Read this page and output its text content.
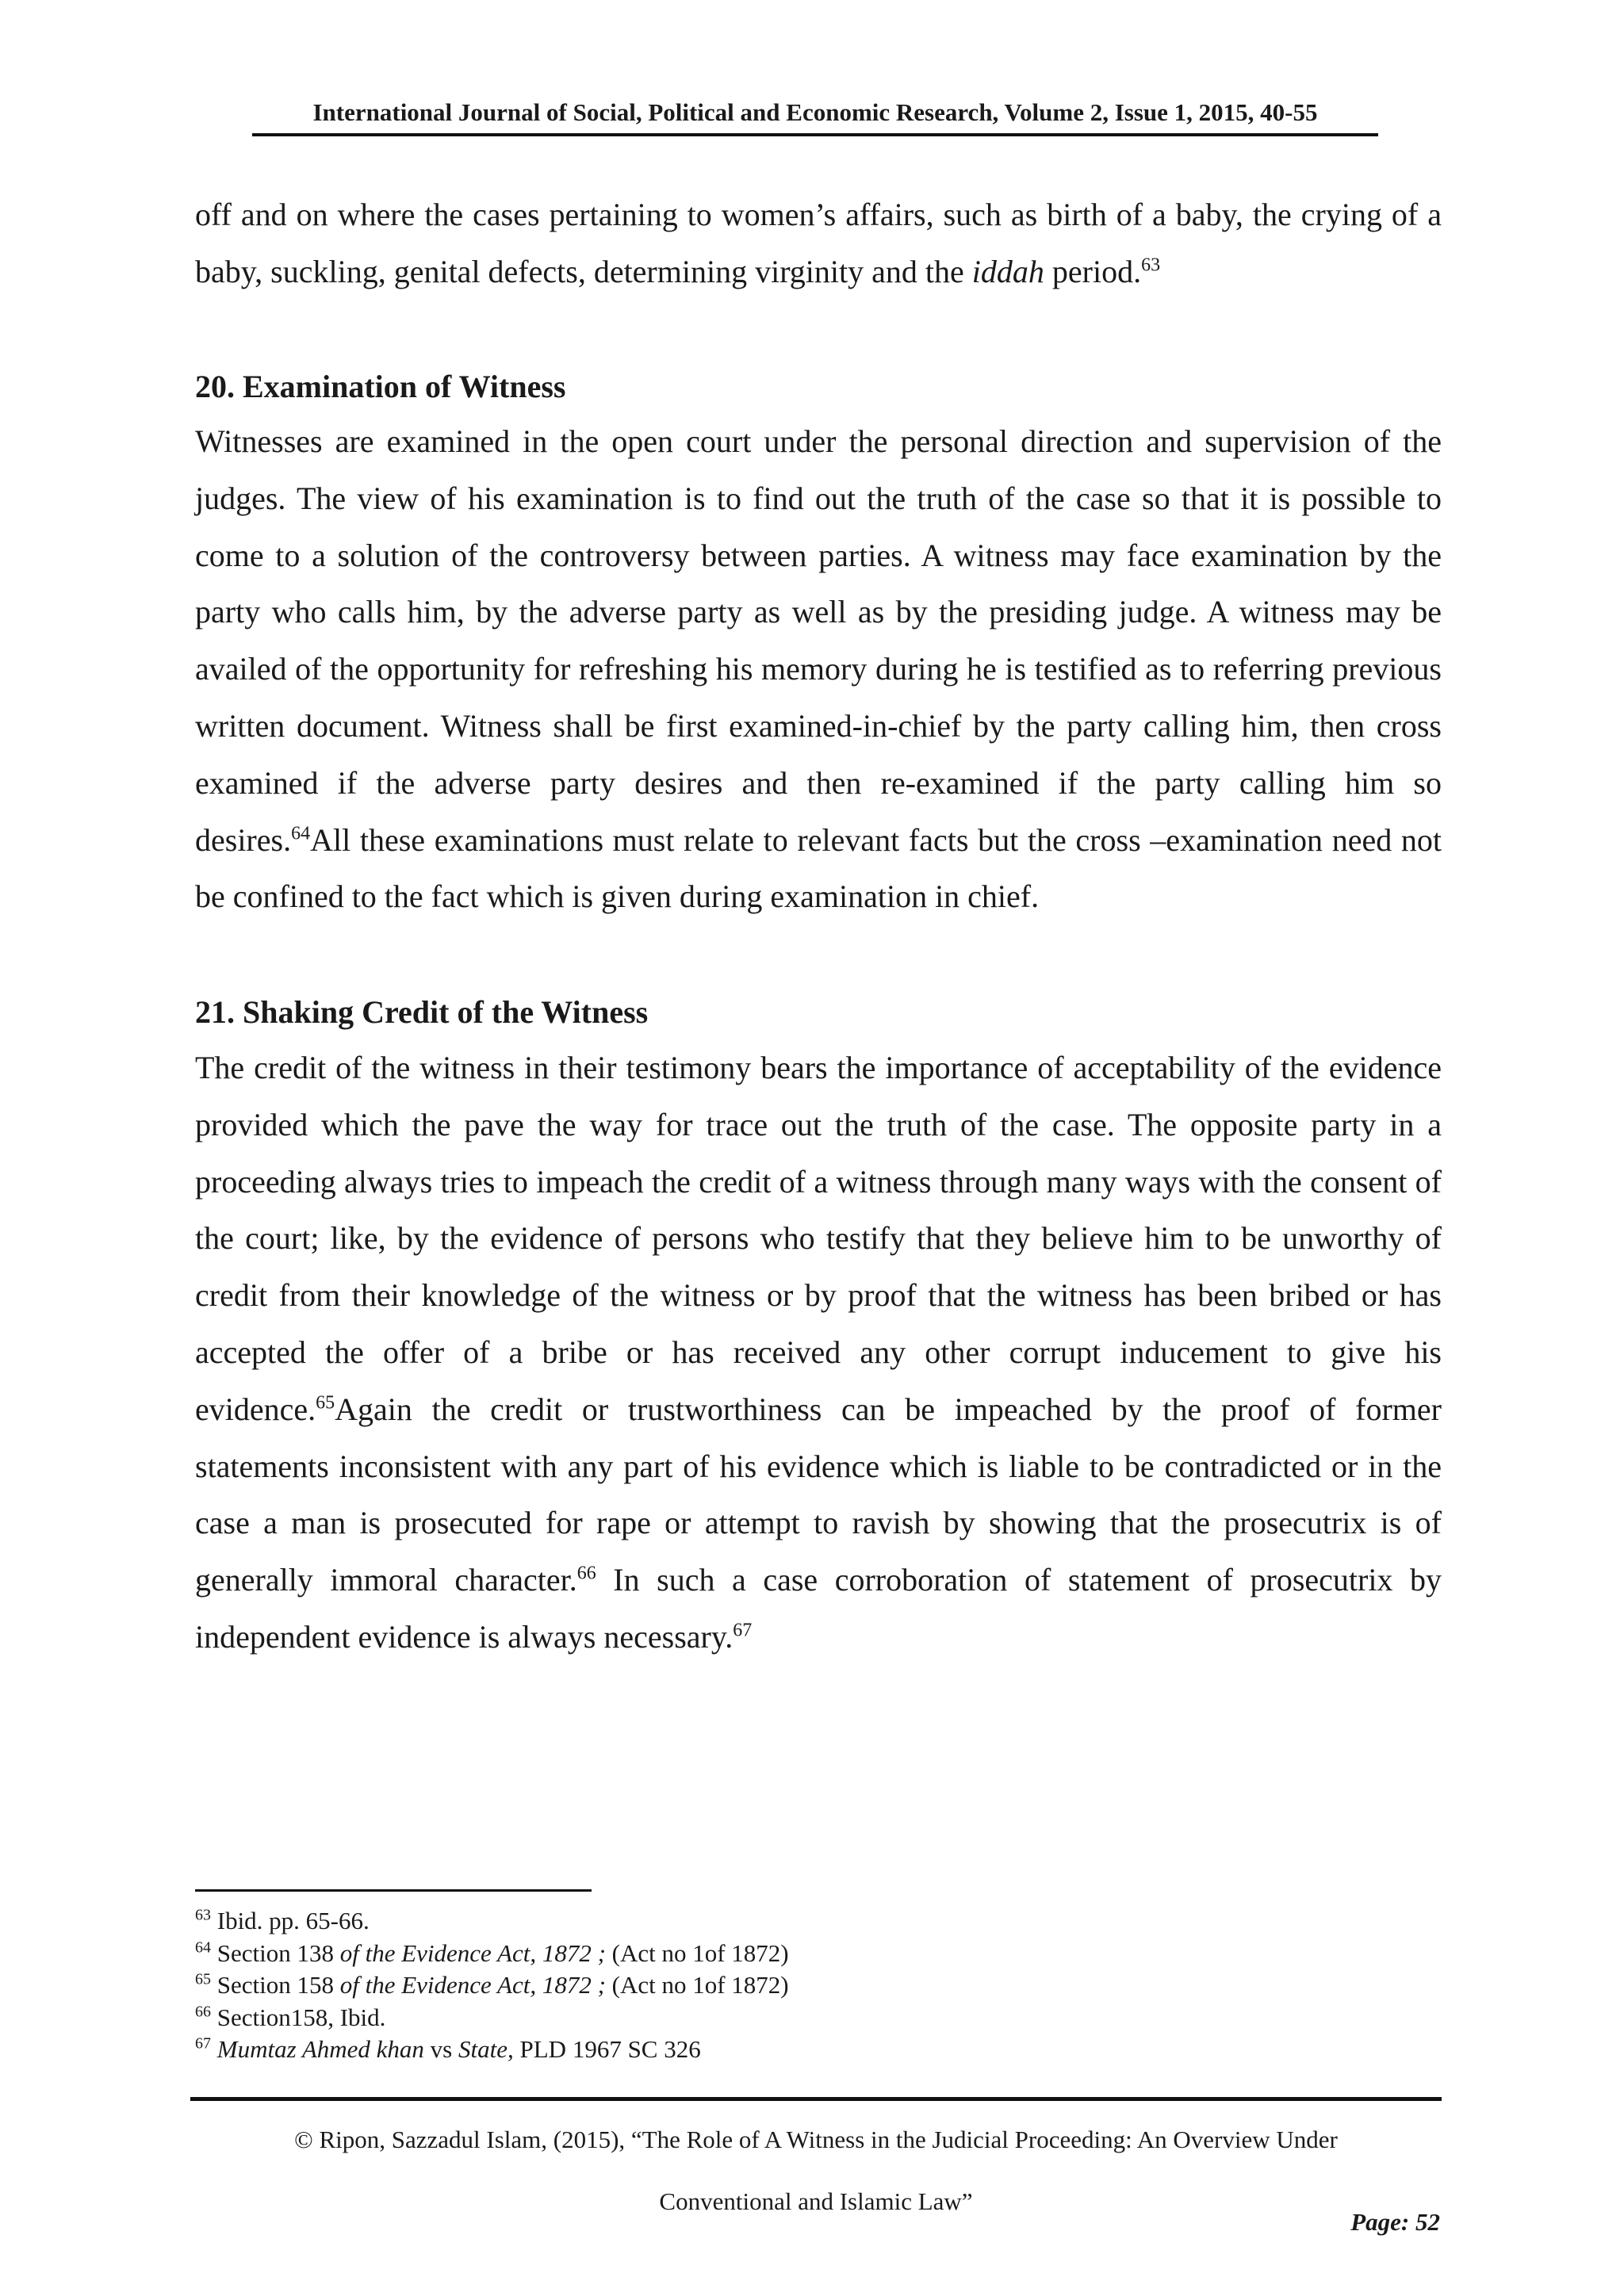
International Journal of Social, Political and Economic Research, Volume 2, Issue 1, 2015, 40-55

off and on where the cases pertaining to women’s affairs, such as birth of a baby, the crying of a baby, suckling, genital defects, determining virginity and the iddah period.$^{63}$

20. Examination of Witness

Witnesses are examined in the open court under the personal direction and supervision of the judges. The view of his examination is to find out the truth of the case so that it is possible to come to a solution of the controversy between parties. A witness may face examination by the party who calls him, by the adverse party as well as by the presiding judge. A witness may be availed of the opportunity for refreshing his memory during he is testified as to referring previous written document. Witness shall be first examined-in-chief by the party calling him, then cross examined if the adverse party desires and then re-examined if the party calling him so desires.$^{64}$All these examinations must relate to relevant facts but the cross –examination need not be confined to the fact which is given during examination in chief.

21. Shaking Credit of the Witness

The credit of the witness in their testimony bears the importance of acceptability of the evidence provided which the pave the way for trace out the truth of the case. The opposite party in a proceeding always tries to impeach the credit of a witness through many ways with the consent of the court; like, by the evidence of persons who testify that they believe him to be unworthy of credit from their knowledge of the witness or by proof that the witness has been bribed or has accepted the offer of a bribe or has received any other corrupt inducement to give his evidence.$^{65}$Again the credit or trustworthiness can be impeached by the proof of former statements inconsistent with any part of his evidence which is liable to be contradicted or in the case a man is prosecuted for rape or attempt to ravish by showing that the prosecutrix is of generally immoral character.$^{66}$ In such a case corroboration of statement of prosecutrix by independent evidence is always necessary.$^{67}$

$^{63}$ Ibid. pp. 65-66.
$^{64}$ Section 138 of the Evidence Act, 1872 ; (Act no 1of 1872)
$^{65}$ Section 158 of the Evidence Act, 1872 ; (Act no 1of 1872)
$^{66}$ Section158, Ibid.
$^{67}$ Mumtaz Ahmed khan vs State, PLD 1967 SC 326
© Ripon, Sazzadul Islam, (2015), “The Role of A Witness in the Judicial Proceeding: An Overview Under
Conventional and Islamic Law”
Page: 52
